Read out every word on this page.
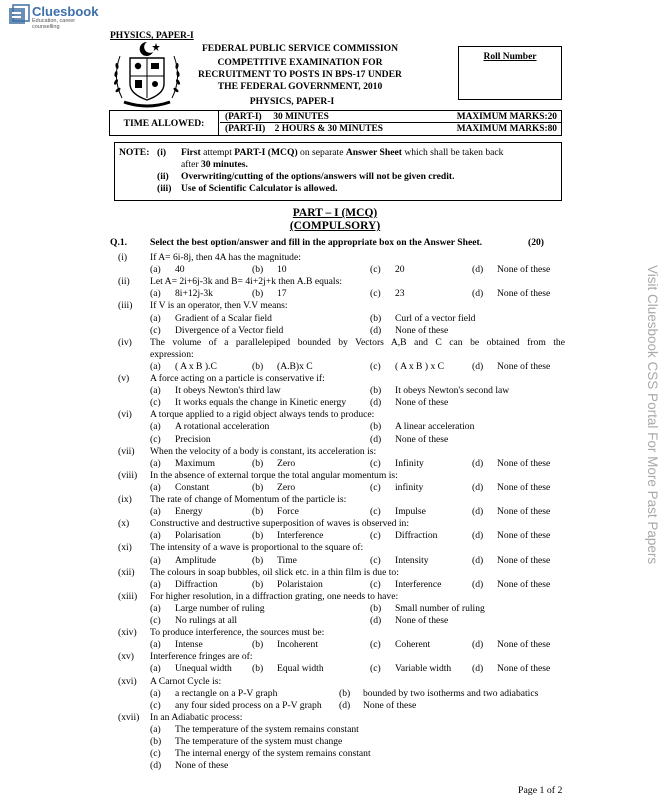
Cluesbook
Education, career counselling
PHYSICS, PAPER-I
FEDERAL PUBLIC SERVICE COMMISSION
COMPETITIVE EXAMINATION FOR
RECRUITMENT TO POSTS IN BPS-17 UNDER
THE FEDERAL GOVERNMENT, 2010
PHYSICS, PAPER-I
Roll Number
TIME ALLOWED:
(PART-I)     30 MINUTES	MAXIMUM MARKS:20
(PART-II)    2 HOURS & 30 MINUTES	MAXIMUM MARKS:80
NOTE: (i) First attempt PART-I (MCQ) on separate Answer Sheet which shall be taken back
after 30 minutes.
(ii) Overwriting/cutting of the options/answers will not be given credit.
(iii) Use of Scientific Calculator is allowed.
PART – I (MCQ)
(COMPULSORY)
Q.1. Select the best option/answer and fill in the appropriate box on the Answer Sheet.	(20)
(i) If A= 6i-8j, then 4A has the magnitude:
(a) 40	(b) 10	(c) 20	(d) None of these
(ii) Let A= 2i+6j-3k and B= 4i+2j+k then A.B equals:
(a) 8i+12j-3k	(b) 17	(c) 23	(d) None of these
(iii) If V is an operator, then V.V means:
(a) Gradient of a Scalar field	(b) Curl of a vector field
(c) Divergence of a Vector field	(d) None of these
(iv) The volume of a parallelepiped bounded by Vectors A,B and C can be obtained from the
expression:
(a) ( A x B ).C	(b) (A.B)x C	(c) ( A x B ) x C	(d) None of these
(v) A force acting on a particle is conservative if:
(a) It obeys Newton's third law	(b) It obeys Newton's second law
(c) It works equals the change in Kinetic energy (d) None of these
(vi) A torque applied to a rigid object always tends to produce:
(a) A rotational acceleration	(b) A linear acceleration
(c) Precision	(d) None of these
(vii) When the velocity of a body is constant, its acceleration is:
(a) Maximum	(b) Zero	(c) Infinity	(d) None of these
(viii) In the absence of external torque the total angular momentum is:
(a) Constant	(b) Zero	(c) infinity	(d) None of these
(ix) The rate of change of Momentum of the particle is:
(a) Energy	(b) Force	(c) Impulse	(d) None of these
(x) Constructive and destructive superposition of waves is observed in:
(a) Polarisation	(b) Interference	(c) Diffraction	(d) None of these
(xi) The intensity of a wave is proportional to the square of:
(a) Amplitude	(b) Time	(c) Intensity	(d) None of these
(xii) The colours in soap bubbles, oil slick etc. in a thin film is due to:
(a) Diffraction	(b) Polaristaion	(c) Interference	(d) None of these
(xiii) For higher resolution, in a diffraction grating, one needs to have:
(a) Large number of ruling	(b) Small number of ruling
(c) No rulings at all	(d) None of these
(xiv) To produce interference, the sources must be:
(a) Intense	(b) Incoherent	(c) Coherent	(d) None of these
(xv) Interference fringes are of:
(a) Unequal width (b) Equal width	(c) Variable width (d) None of these
(xvi) A Carnot Cycle is:
(a) a rectangle on a P-V graph	(b) bounded by two isotherms and two adiabatics
(c) any four sided process on a P-V graph (d) None of these
(xvii) In an Adiabatic process:
(a) The temperature of the system remains constant
(b) The temperature of the system must change
(c) The internal energy of the system remains constant
(d) None of these
Visit Cluesbook CSS Portal For More Past Papers
Page 1 of 2
